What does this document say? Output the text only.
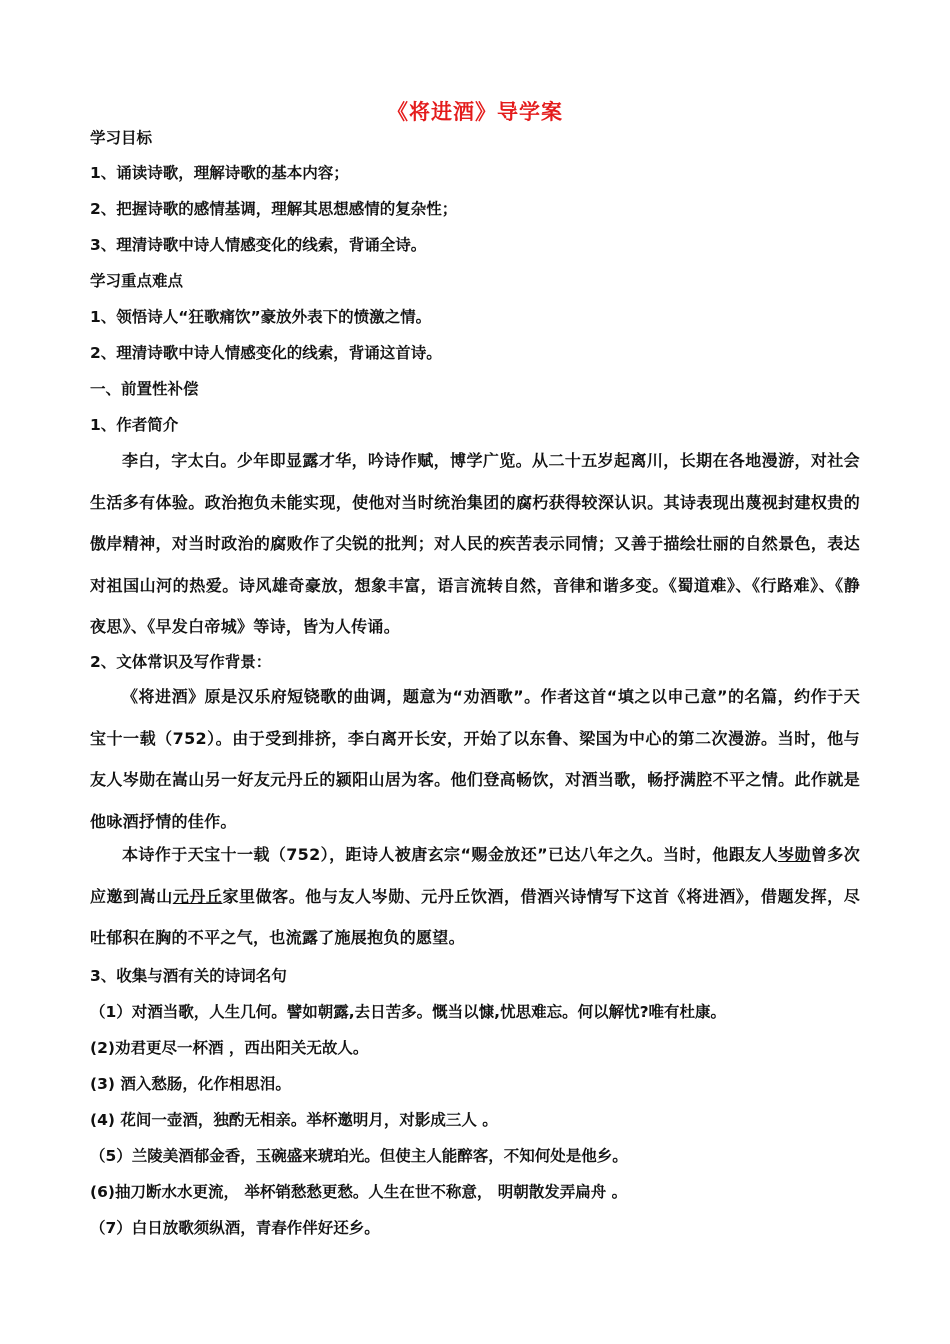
《将进酒》导学案
学习目标
1、诵读诗歌，理解诗歌的基本内容；
2、把握诗歌的感情基调，理解其思想感情的复杂性；
3、理清诗歌中诗人情感变化的线索，背诵全诗。
学习重点难点
1、领悟诗人“狂歌痛饮”豪放外表下的愤激之情。
2、理清诗歌中诗人情感变化的线索，背诵这首诗。
一、前置性补偿
1、作者简介
李白，字太白。少年即显露才华，吟诗作赋，博学广览。从二十五岁起离川，长期在各地漫游，对社会生活多有体验。政治抱负未能实现，使他对当时统治集团的腐朽获得较深认识。其诗表现出蔑视封建权贵的傲岸精神，对当时政治的腐败作了尖锐的批判；对人民的疾苦表示同情；又善于描绘壮丽的自然景色，表达对祖国山河的热爱。诗风雄奇豪放，想象丰富，语言流转自然，音律和谐多变。《蜀道难》、《行路难》、《静夜思》、《早发白帝城》等诗，皆为人传诵。
2、文体常识及写作背景：
《将进酒》原是汉乐府短铙歌的曲调，题意为“劝酒歌”。作者这首“填之以申己意”的名篇，约作于天宝十一载（752）。由于受到排挤，李白离开长安，开始了以东鲁、梁国为中心的第二次漫游。当时，他与友人岑勋在嵩山另一好友元丹丘的颍阳山居为客。他们登高畅饮，对酒当歌，畅抒满腔不平之情。此作就是他咏酒抒情的佳作。
本诗作于天宝十一载（752），距诗人被唐玄宗“赐金放还”已达八年之久。当时，他跟友人岑勋曾多次应邀到嵩山元丹丘家里做客。他与友人岑勋、元丹丘饮酒，借酒兴诗情写下这首《将进酒》，借题发挥，尽吐郁积在胸的不平之气，也流露了施展抱负的愿望。
3、收集与酒有关的诗词名句
（1）对酒当歌，人生几何。譬如朝露,去日苦多。慨当以慷,忧思难忘。何以解忧?唯有杜康。
(2)劝君更尽一杯酒 ，西出阳关无故人。
(3) 酒入愁肠，化作相思泪。
(4) 花间一壶酒，独酌无相亲。举杯邀明月，对影成三人 。
（5）兰陵美酒郁金香，玉碗盛来琥珀光。但使主人能醉客，不知何处是他乡。
(6)抽刀断水水更流， 举杯销愁愁更愁。人生在世不称意， 明朝散发弄扁舟 。
（7）白日放歌须纵酒，青春作伴好还乡。
